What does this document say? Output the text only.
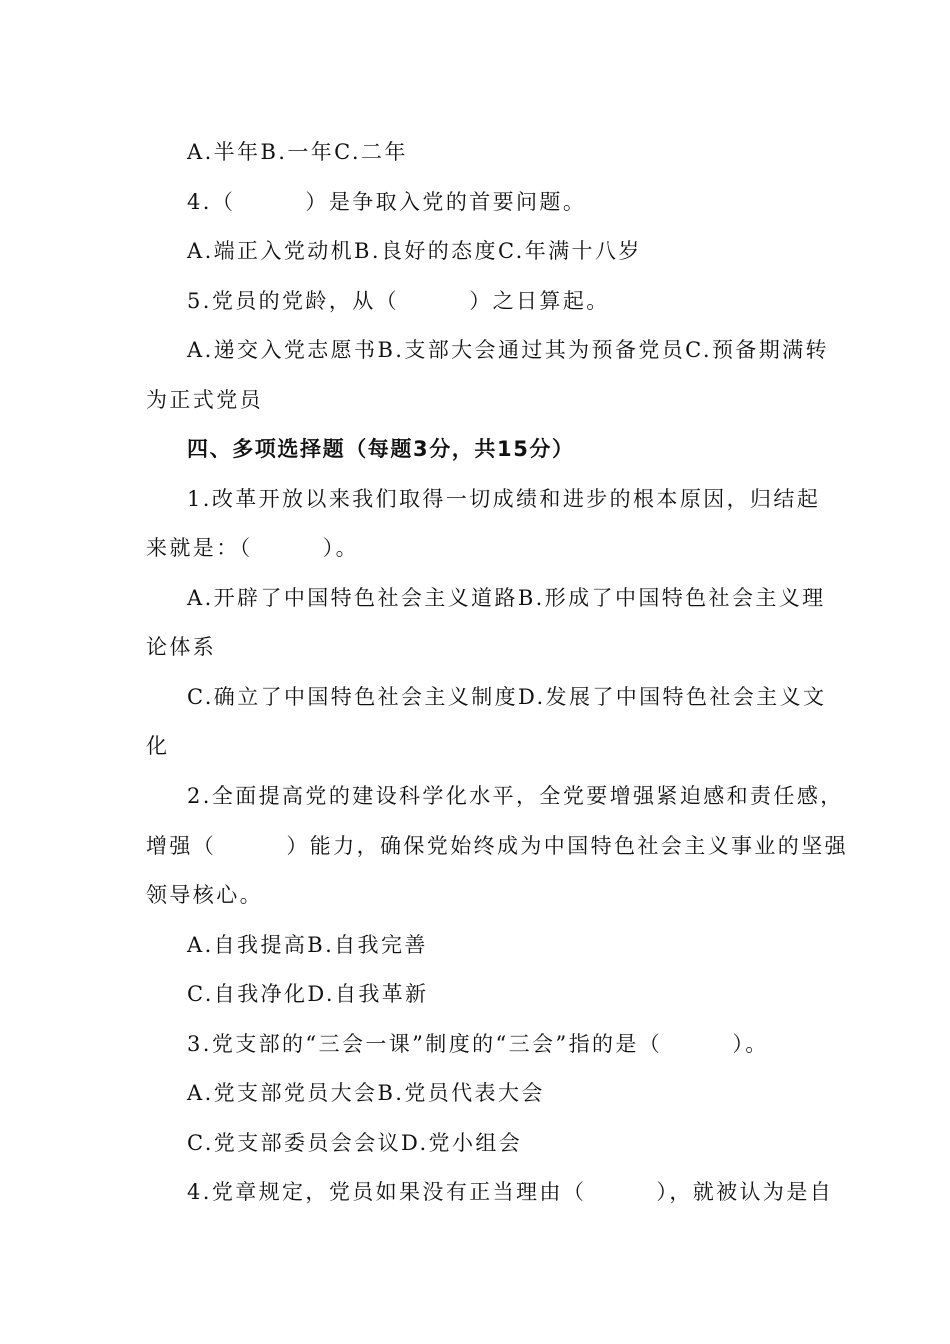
A.半年B.一年C.二年
4.（　　　）是争取入党的首要问题。
A.端正入党动机B.良好的态度C.年满十八岁
5.党员的党龄，从（　　　）之日算起。
A.递交入党志愿书B.支部大会通过其为预备党员C.预备期满转
为正式党员
四、多项选择题（每题3分，共15分）
1.改革开放以来我们取得一切成绩和进步的根本原因，归结起
来就是：（　　　）。
A.开辟了中国特色社会主义道路B.形成了中国特色社会主义理
论体系
C.确立了中国特色社会主义制度D.发展了中国特色社会主义文
化
2.全面提高党的建设科学化水平，全党要增强紧迫感和责任感，
增强（　　　）能力，确保党始终成为中国特色社会主义事业的坚强
领导核心。
A.自我提高B.自我完善
C.自我净化D.自我革新
3.党支部的“三会一课”制度的“三会”指的是（　　　）。
A.党支部党员大会B.党员代表大会
C.党支部委员会会议D.党小组会
4.党章规定，党员如果没有正当理由（　　　），就被认为是自
